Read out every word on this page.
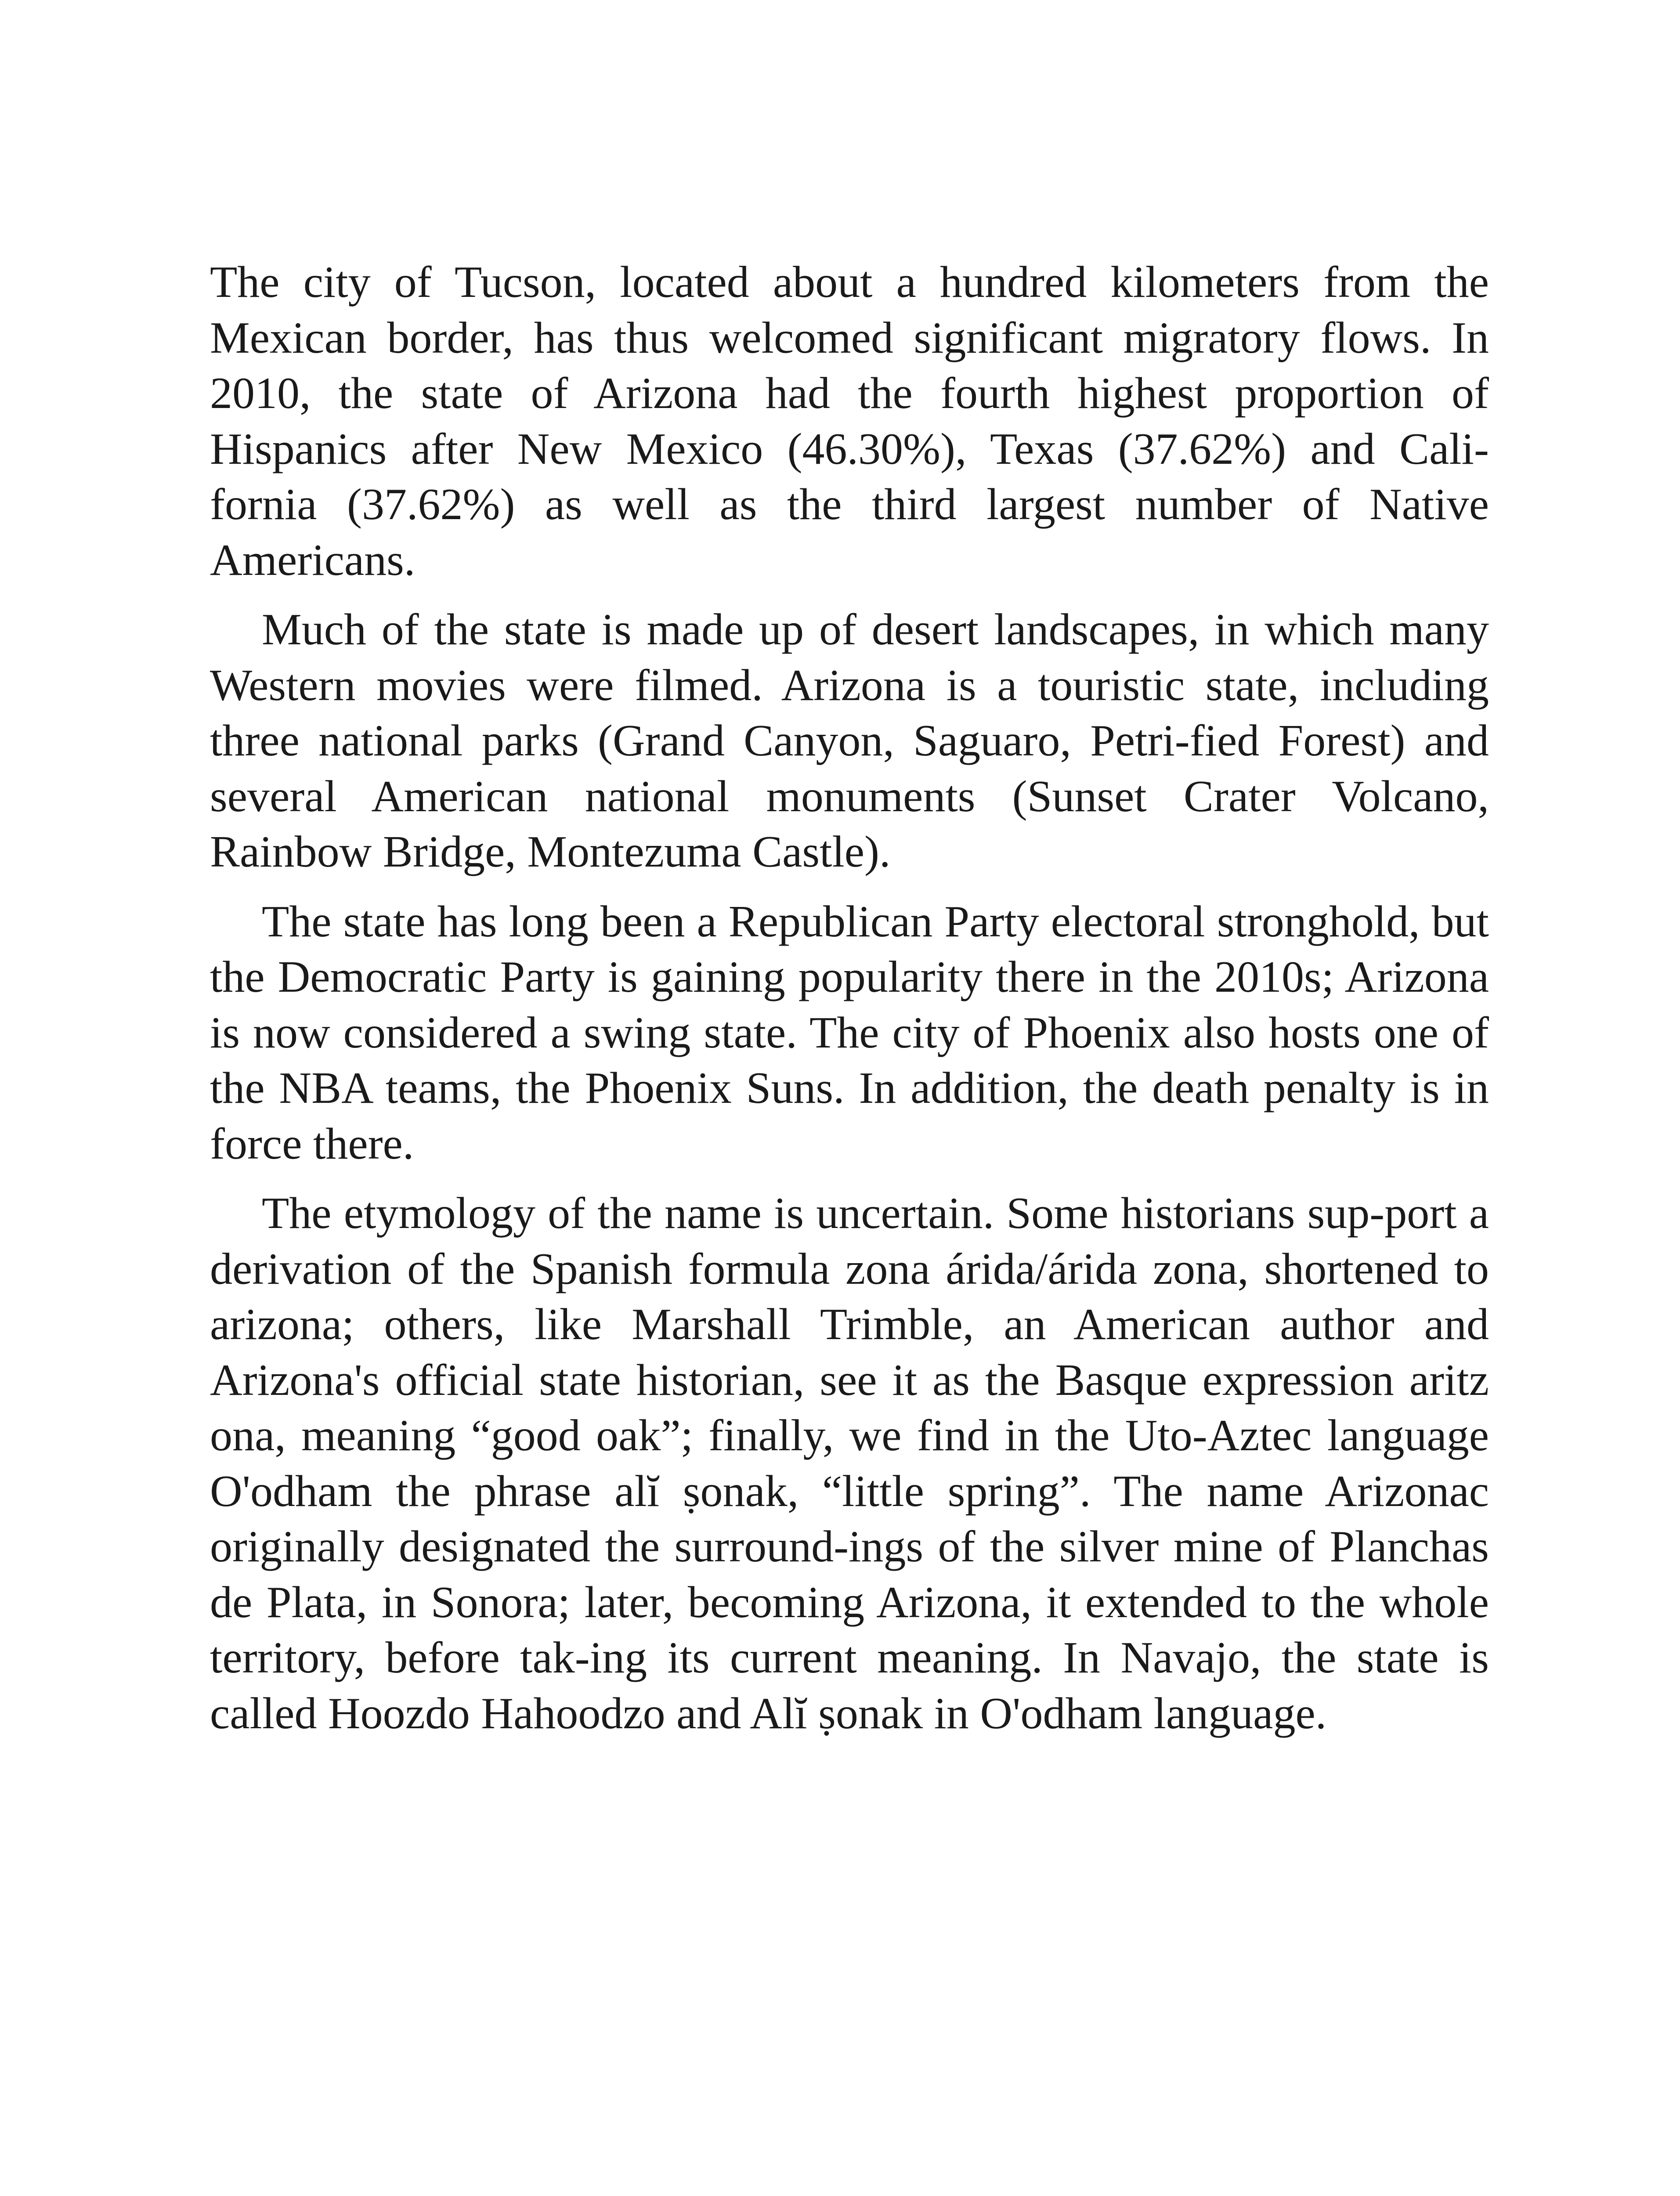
The city of Tucson, located about a hundred kilometers from the Mexican border, has thus welcomed significant migratory flows. In 2010, the state of Arizona had the fourth highest proportion of Hispanics after New Mexico (46.30%), Texas (37.62%) and Cali-fornia (37.62%) as well as the third largest number of Native Americans.

Much of the state is made up of desert landscapes, in which many Western movies were filmed. Arizona is a touristic state, including three national parks (Grand Canyon, Saguaro, Petri-fied Forest) and several American national monuments (Sunset Crater Volcano, Rainbow Bridge, Montezuma Castle).

The state has long been a Republican Party electoral stronghold, but the Democratic Party is gaining popularity there in the 2010s; Arizona is now considered a swing state. The city of Phoenix also hosts one of the NBA teams, the Phoenix Suns. In addition, the death penalty is in force there.

The etymology of the name is uncertain. Some historians sup-port a derivation of the Spanish formula zona árida/árida zona, shortened to arizona; others, like Marshall Trimble, an American author and Arizona's official state historian, see it as the Basque expression aritz ona, meaning “good oak”; finally, we find in the Uto-Aztec language O'odham the phrase alĭ ṣonak, “little spring”. The name Arizonac originally designated the surround-ings of the silver mine of Planchas de Plata, in Sonora; later, becoming Arizona, it extended to the whole territory, before tak-ing its current meaning. In Navajo, the state is called Hoozdo Hahoodzo and Alĭ ṣonak in O'odham language.
